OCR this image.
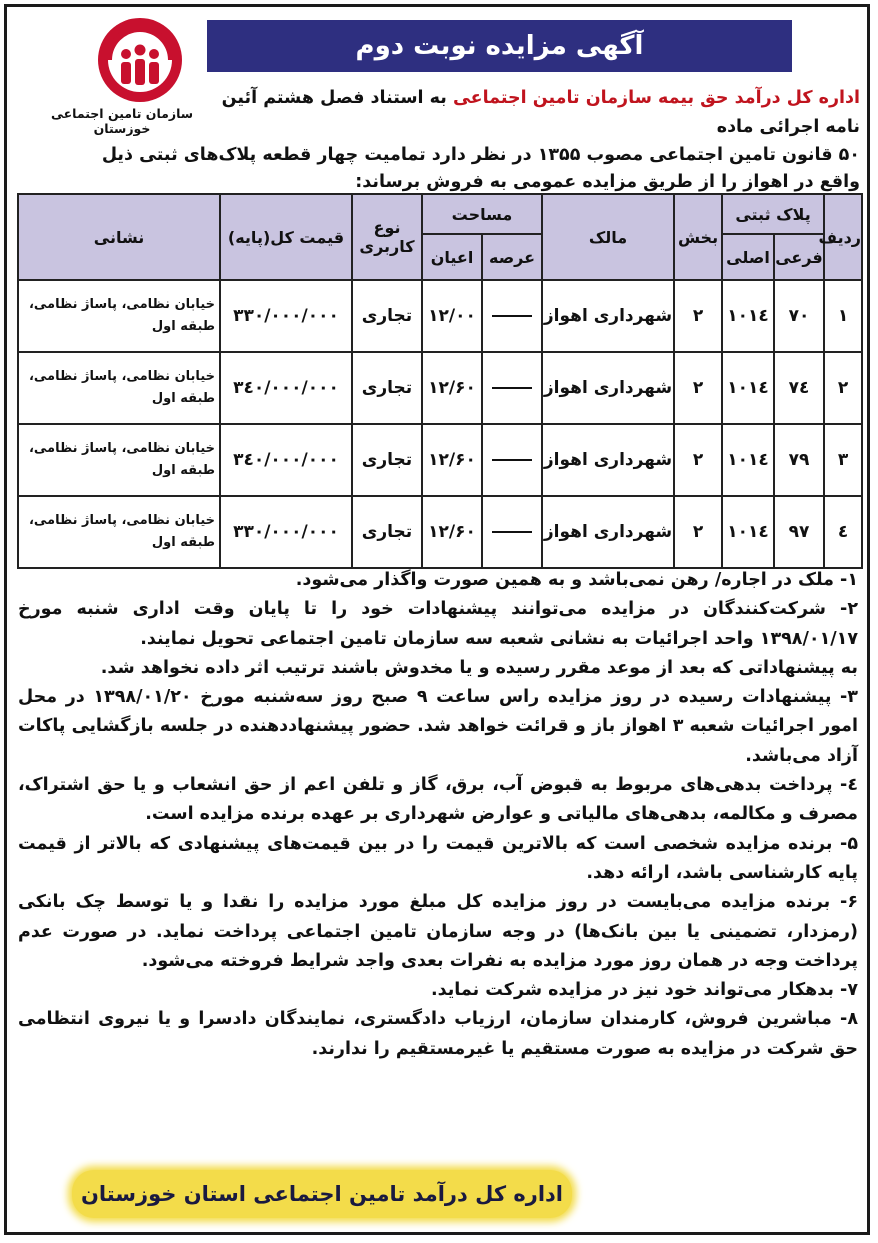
سازمان تامین اجتماعی خوزستان
آگهی مزایده نوبت دوم
اداره کل درآمد حق بیمه سازمان تامین اجتماعی به استناد فصل هشتم آئین نامه اجرائی ماده
۵۰ قانون تامین اجتماعی مصوب ۱۳۵۵ در نظر دارد تمامیت چهار قطعه پلاک‌های ثبتی ذیل
واقع در اهواز را از طریق مزایده عمومی به فروش برساند:
ردیف	پلاک ثبتی		بخش	مالک	مساحت		نوع کاربری	قیمت کل(پایه)	نشانی
	فرعی	اصلی			عرصه	اعیان			
۱	۷۰	۱۰۱٤	۲	شهرداری اهواز		۱۲/۰۰	تجاری	۳۳۰/۰۰۰/۰۰۰	خیابان نظامی، پاساژ نظامی، طبقه اول
۲	۷٤	۱۰۱٤	۲	شهرداری اهواز		۱۲/۶۰	تجاری	۳٤۰/۰۰۰/۰۰۰	خیابان نظامی، پاساژ نظامی، طبقه اول
۳	۷۹	۱۰۱٤	۲	شهرداری اهواز		۱۲/۶۰	تجاری	۳٤۰/۰۰۰/۰۰۰	خیابان نظامی، پاساژ نظامی، طبقه اول
٤	۹۷	۱۰۱٤	۲	شهرداری اهواز		۱۲/۶۰	تجاری	۳۳۰/۰۰۰/۰۰۰	خیابان نظامی، پاساژ نظامی، طبقه اول

۱- ملک در اجاره/ رهن نمی‌باشد و به همین صورت واگذار می‌شود.

۲- شرکت‌کنندگان در مزایده می‌توانند پیشنهادات خود را تا پایان وقت اداری شنبه مورخ ۱۳۹۸/۰۱/۱۷ واحد اجرائیات به نشانی شعبه سه سازمان تامین اجتماعی تحویل نمایند.

به پیشنهاداتی که بعد از موعد مقرر رسیده و یا مخدوش باشند ترتیب اثر داده نخواهد شد.

۳- پیشنهادات رسیده در روز مزایده راس ساعت ۹ صبح روز سه‌شنبه مورخ ۱۳۹۸/۰۱/۲۰ در محل امور اجرائیات شعبه ۳ اهواز باز و قرائت خواهد شد. حضور پیشنهاددهنده در جلسه بازگشایی پاکات آزاد می‌باشد.

٤- پرداخت بدهی‌های مربوط به قبوض آب، برق، گاز و تلفن اعم از حق انشعاب و یا حق اشتراک، مصرف و مکالمه، بدهی‌های مالیاتی و عوارض شهرداری بر عهده برنده مزایده است.

۵- برنده مزایده شخصی است که بالاترین قیمت را در بین قیمت‌های پیشنهادی که بالاتر از قیمت پایه کارشناسی باشد، ارائه دهد.

۶- برنده مزایده می‌بایست در روز مزایده کل مبلغ مورد مزایده را نقدا و یا توسط چک بانکی (رمزدار، تضمینی یا بین بانک‌ها) در وجه سازمان تامین اجتماعی پرداخت نماید. در صورت عدم پرداخت وجه در همان روز مورد مزایده به نفرات بعدی واجد شرایط فروخته می‌شود.

۷- بدهکار می‌تواند خود نیز در مزایده شرکت نماید.

۸- مباشرین فروش، کارمندان سازمان، ارزیاب دادگستری، نمایندگان دادسرا و یا نیروی انتظامی حق شرکت در مزایده به صورت مستقیم یا غیرمستقیم را ندارند.

اداره کل درآمد تامین اجتماعی استان خوزستان
